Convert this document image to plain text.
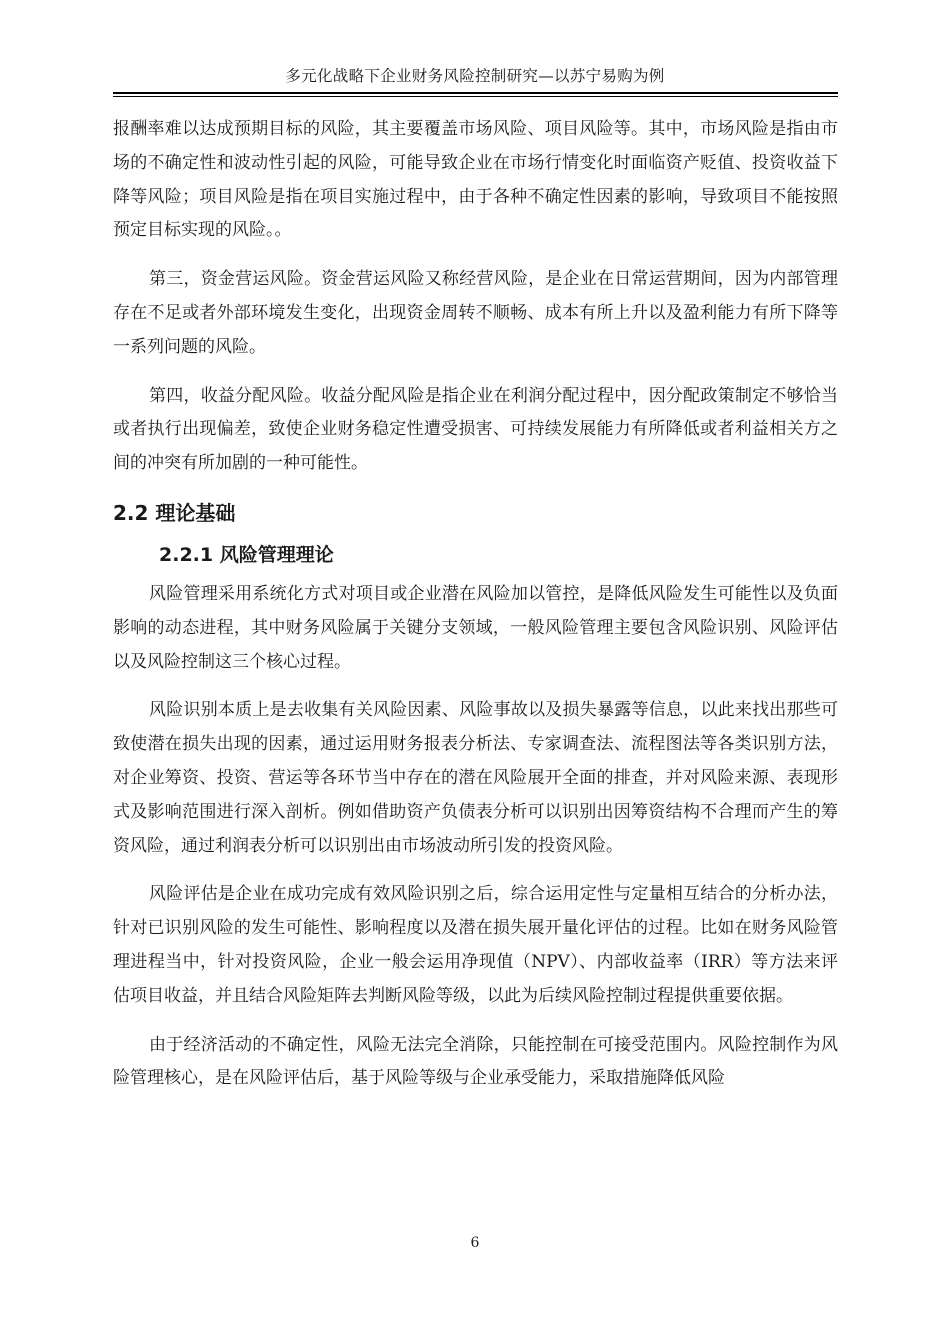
多元化战略下企业财务风险控制研究—以苏宁易购为例

报酬率难以达成预期目标的风险，其主要覆盖市场风险、项目风险等。其中，市场风险是指由市场的不确定性和波动性引起的风险，可能导致企业在市场行情变化时面临资产贬值、投资收益下降等风险；项目风险是指在项目实施过程中，由于各种不确定性因素的影响，导致项目不能按照预定目标实现的风险。。

第三，资金营运风险。资金营运风险又称经营风险，是企业在日常运营期间，因为内部管理存在不足或者外部环境发生变化，出现资金周转不顺畅、成本有所上升以及盈利能力有所下降等一系列问题的风险。

第四，收益分配风险。收益分配风险是指企业在利润分配过程中，因分配政策制定不够恰当或者执行出现偏差，致使企业财务稳定性遭受损害、可持续发展能力有所降低或者利益相关方之间的冲突有所加剧的一种可能性。

2.2 理论基础
2.2.1 风险管理理论

风险管理采用系统化方式对项目或企业潜在风险加以管控，是降低风险发生可能性以及负面影响的动态进程，其中财务风险属于关键分支领域，一般风险管理主要包含风险识别、风险评估以及风险控制这三个核心过程。

风险识别本质上是去收集有关风险因素、风险事故以及损失暴露等信息，以此来找出那些可致使潜在损失出现的因素，通过运用财务报表分析法、专家调查法、流程图法等各类识别方法，对企业筹资、投资、营运等各环节当中存在的潜在风险展开全面的排查，并对风险来源、表现形式及影响范围进行深入剖析。例如借助资产负债表分析可以识别出因筹资结构不合理而产生的筹资风险，通过利润表分析可以识别出由市场波动所引发的投资风险。

风险评估是企业在成功完成有效风险识别之后，综合运用定性与定量相互结合的分析办法，针对已识别风险的发生可能性、影响程度以及潜在损失展开量化评估的过程。比如在财务风险管理进程当中，针对投资风险，企业一般会运用净现值（NPV）、内部收益率（IRR）等方法来评估项目收益，并且结合风险矩阵去判断风险等级，以此为后续风险控制过程提供重要依据。

由于经济活动的不确定性，风险无法完全消除，只能控制在可接受范围内。风险控制作为风险管理核心，是在风险评估后，基于风险等级与企业承受能力，采取措施降低风险

6
